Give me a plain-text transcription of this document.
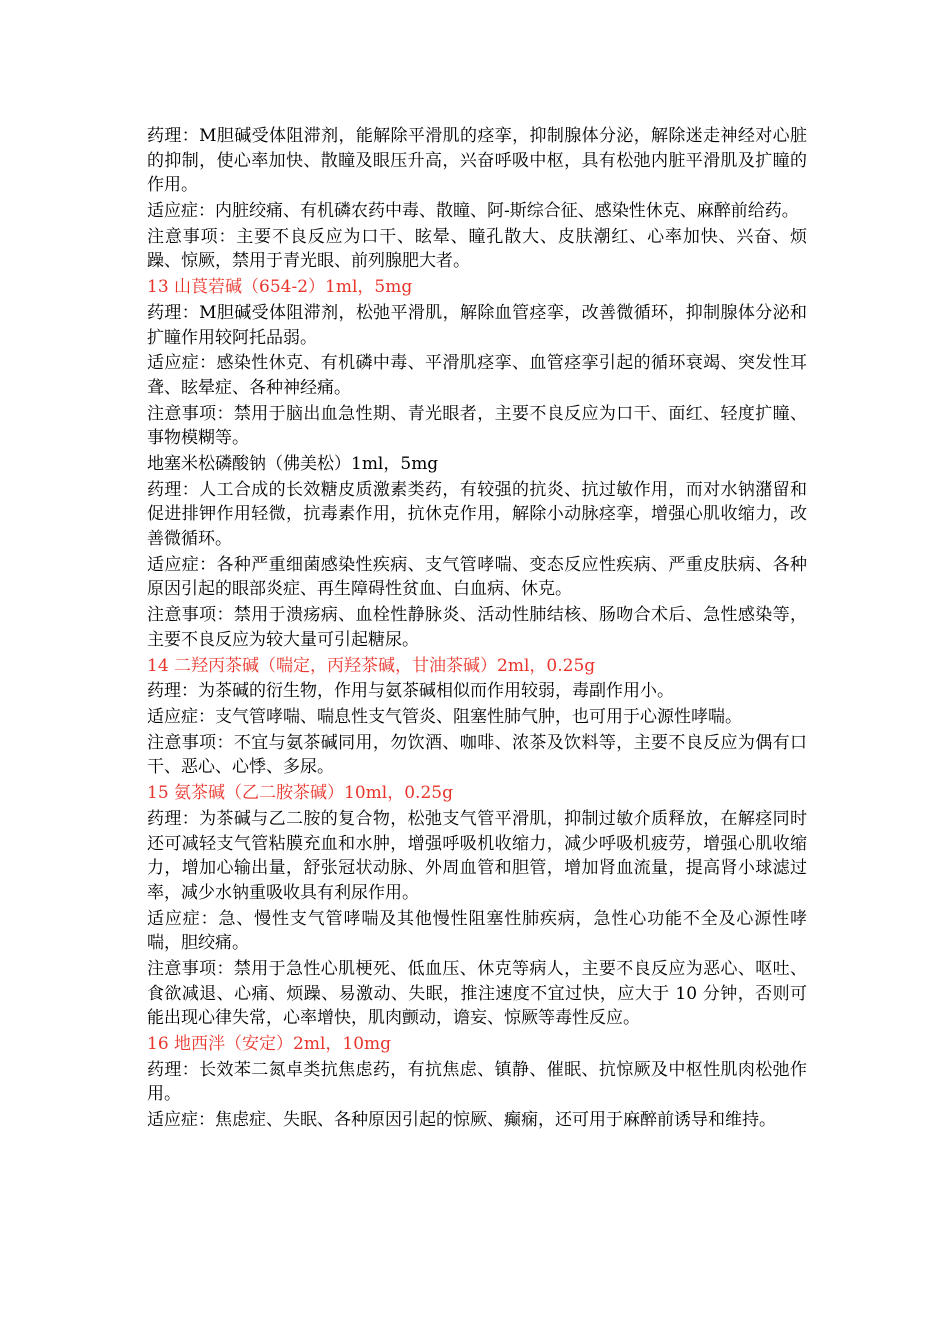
药理：M胆碱受体阻滞剂，能解除平滑肌的痉挛，抑制腺体分泌，解除迷走神经对心脏的抑制，使心率加快、散瞳及眼压升高，兴奋呼吸中枢，具有松弛内脏平滑肌及扩瞳的作用。

适应症：内脏绞痛、有机磷农药中毒、散瞳、阿-斯综合征、感染性休克、麻醉前给药。

注意事项：主要不良反应为口干、眩晕、瞳孔散大、皮肤潮红、心率加快、兴奋、烦躁、惊厥，禁用于青光眼、前列腺肥大者。

13 山莨菪碱（654-2）1ml，5mg

药理：M胆碱受体阻滞剂，松弛平滑肌，解除血管痉挛，改善微循环，抑制腺体分泌和扩瞳作用较阿托品弱。

适应症：感染性休克、有机磷中毒、平滑肌痉挛、血管痉挛引起的循环衰竭、突发性耳聋、眩晕症、各种神经痛。

注意事项：禁用于脑出血急性期、青光眼者，主要不良反应为口干、面红、轻度扩瞳、事物模糊等。

地塞米松磷酸钠（佛美松）1ml，5mg

药理：人工合成的长效糖皮质激素类药，有较强的抗炎、抗过敏作用，而对水钠潴留和促进排钾作用轻微，抗毒素作用，抗休克作用，解除小动脉痉挛，增强心肌收缩力，改善微循环。

适应症：各种严重细菌感染性疾病、支气管哮喘、变态反应性疾病、严重皮肤病、各种原因引起的眼部炎症、再生障碍性贫血、白血病、休克。

注意事项：禁用于溃疡病、血栓性静脉炎、活动性肺结核、肠吻合术后、急性感染等，主要不良反应为较大量可引起糖尿。

14 二羟丙茶碱（喘定，丙羟茶碱，甘油茶碱）2ml，0.25g

药理：为茶碱的衍生物，作用与氨茶碱相似而作用较弱，毒副作用小。

适应症：支气管哮喘、喘息性支气管炎、阻塞性肺气肿，也可用于心源性哮喘。

注意事项：不宜与氨茶碱同用，勿饮酒、咖啡、浓茶及饮料等，主要不良反应为偶有口干、恶心、心悸、多尿。

15 氨茶碱（乙二胺茶碱）10ml，0.25g

药理：为茶碱与乙二胺的复合物，松弛支气管平滑肌，抑制过敏介质释放，在解痉同时还可减轻支气管粘膜充血和水肿，增强呼吸机收缩力，减少呼吸机疲劳，增强心肌收缩力，增加心输出量，舒张冠状动脉、外周血管和胆管，增加肾血流量，提高肾小球滤过率，减少水钠重吸收具有利尿作用。

适应症：急、慢性支气管哮喘及其他慢性阻塞性肺疾病，急性心功能不全及心源性哮喘，胆绞痛。

注意事项：禁用于急性心肌梗死、低血压、休克等病人，主要不良反应为恶心、呕吐、食欲减退、心痛、烦躁、易激动、失眠，推注速度不宜过快，应大于 10 分钟，否则可能出现心律失常，心率增快，肌肉颤动，谵妄、惊厥等毒性反应。

16 地西泮（安定）2ml，10mg

药理：长效苯二氮卓类抗焦虑药，有抗焦虑、镇静、催眠、抗惊厥及中枢性肌肉松弛作用。

适应症：焦虑症、失眠、各种原因引起的惊厥、癫痫，还可用于麻醉前诱导和维持。
